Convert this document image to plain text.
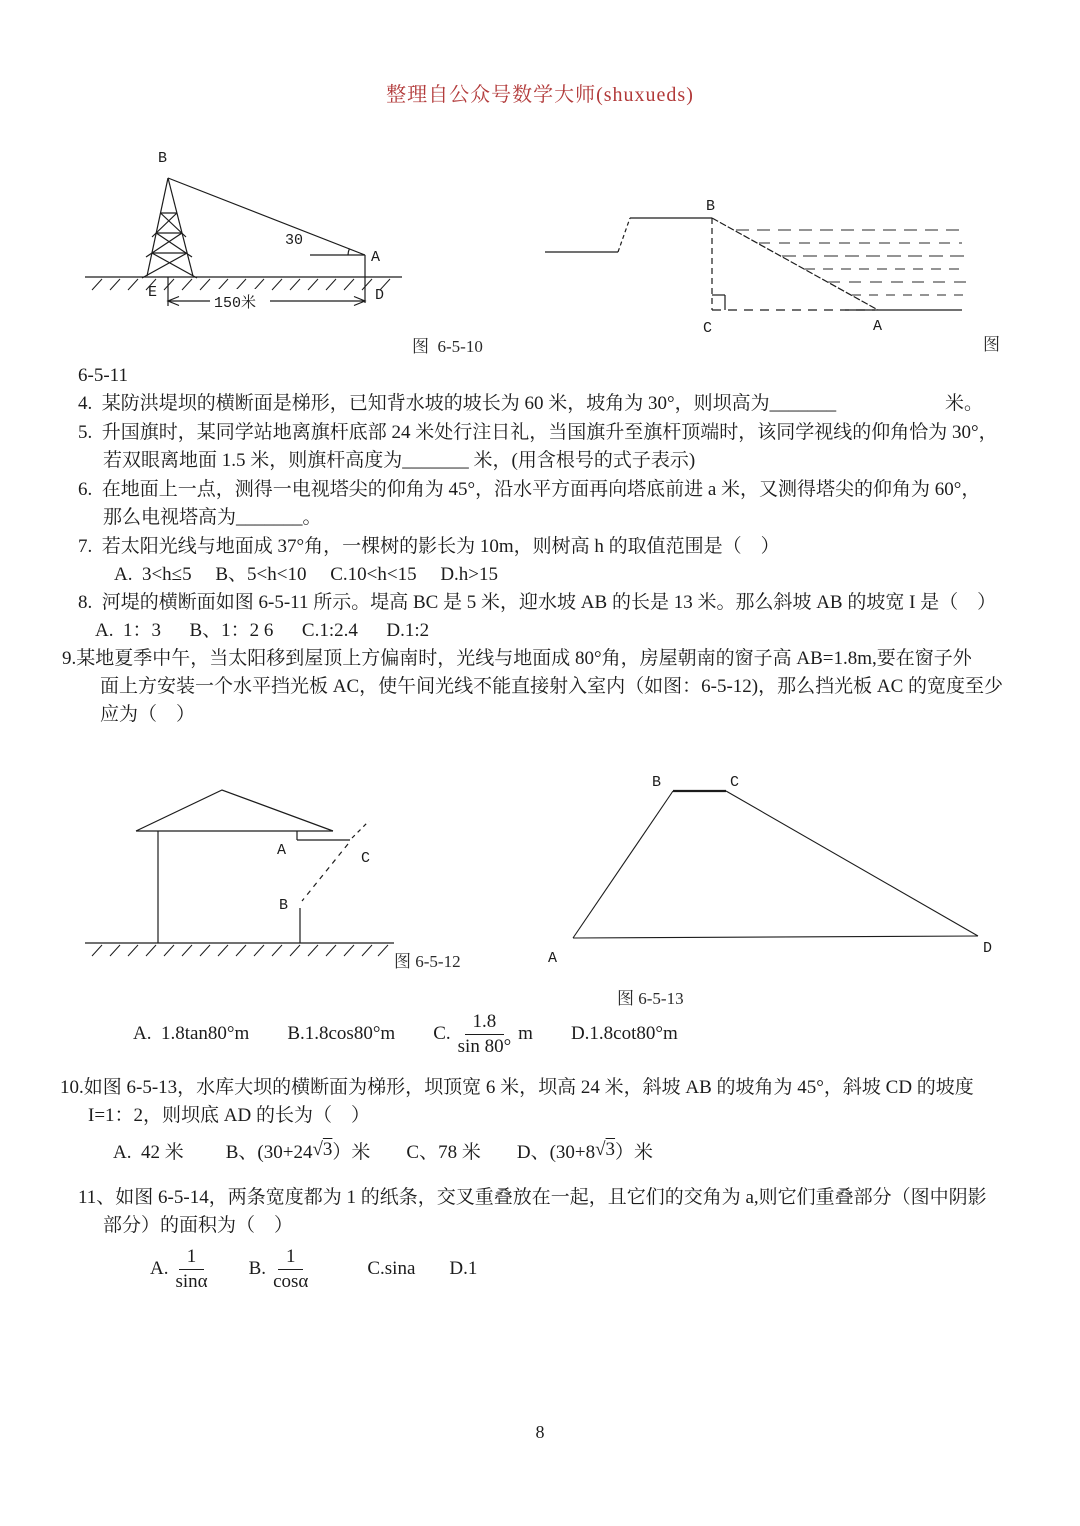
整理自公众号数学大师(shuxueds)
B
30
A
E	D
150米
图  6-5-10
B
C	A
图
6-5-11
4.  某防洪堤坝的横断面是梯形，已知背水坡的坡长为 60 米，坡角为 30°，则坝高为_______	米。
5.  升国旗时，某同学站地离旗杆底部 24 米处行注日礼，当国旗升至旗杆顶端时，该同学视线的仰角恰为 30°，
若双眼离地面 1.5 米，则旗杆高度为_______ 米，(用含根号的式子表示)
6.  在地面上一点，测得一电视塔尖的仰角为 45°，沿水平方面再向塔底前进 a 米，又测得塔尖的仰角为 60°，
那么电视塔高为_______。
7.  若太阳光线与地面成 37°角，一棵树的影长为 10m，则树高 h 的取值范围是（　）
A.  3<h≤5　 B、5<h<10　 C.10<h<15　 D.h>15
8.  河堤的横断面如图 6-5-11 所示。堤高 BC 是 5 米，迎水坡 AB 的长是 13 米。那么斜坡 AB 的坡宽 I 是（　）
A.  1：3　  B、1：2 6　  C.1:2.4　  D.1:2
9.某地夏季中午，当太阳移到屋顶上方偏南时，光线与地面成 80°角，房屋朝南的窗子高 AB=1.8m,要在窗子外
面上方安装一个水平挡光板 AC，使午间光线不能直接射入室内（如图：6-5-12)，那么挡光板 AC 的宽度至少
应为（　）
A	C
B
图 6-5-12
B	C
A
D
图 6-5-13
A.  1.8tan80°m B.1.8cos80°m C. $\frac{1.8}{\sin 80^\circ}$ m D.1.8cot80°m
10.如图 6-5-13，水库大坝的横断面为梯形，坝顶宽 6 米，坝高 24 米，斜坡 AB 的坡角为 45°，斜坡 CD 的坡度
I=1：2，则坝底 AD 的长为（　）
A.  42 米 B、(30+24 √3 ）米 C、78 米 D、(30+8 √3 ）米
11、如图 6-5-14，两条宽度都为 1 的纸条，交叉重叠放在一起，且它们的交角为 a,则它们重叠部分（图中阴影
部分）的面积为（　）
A. $\frac{1}{\sin\alpha} B$. $\frac{1}{\cos\alpha}$	C.sina D.1
8
